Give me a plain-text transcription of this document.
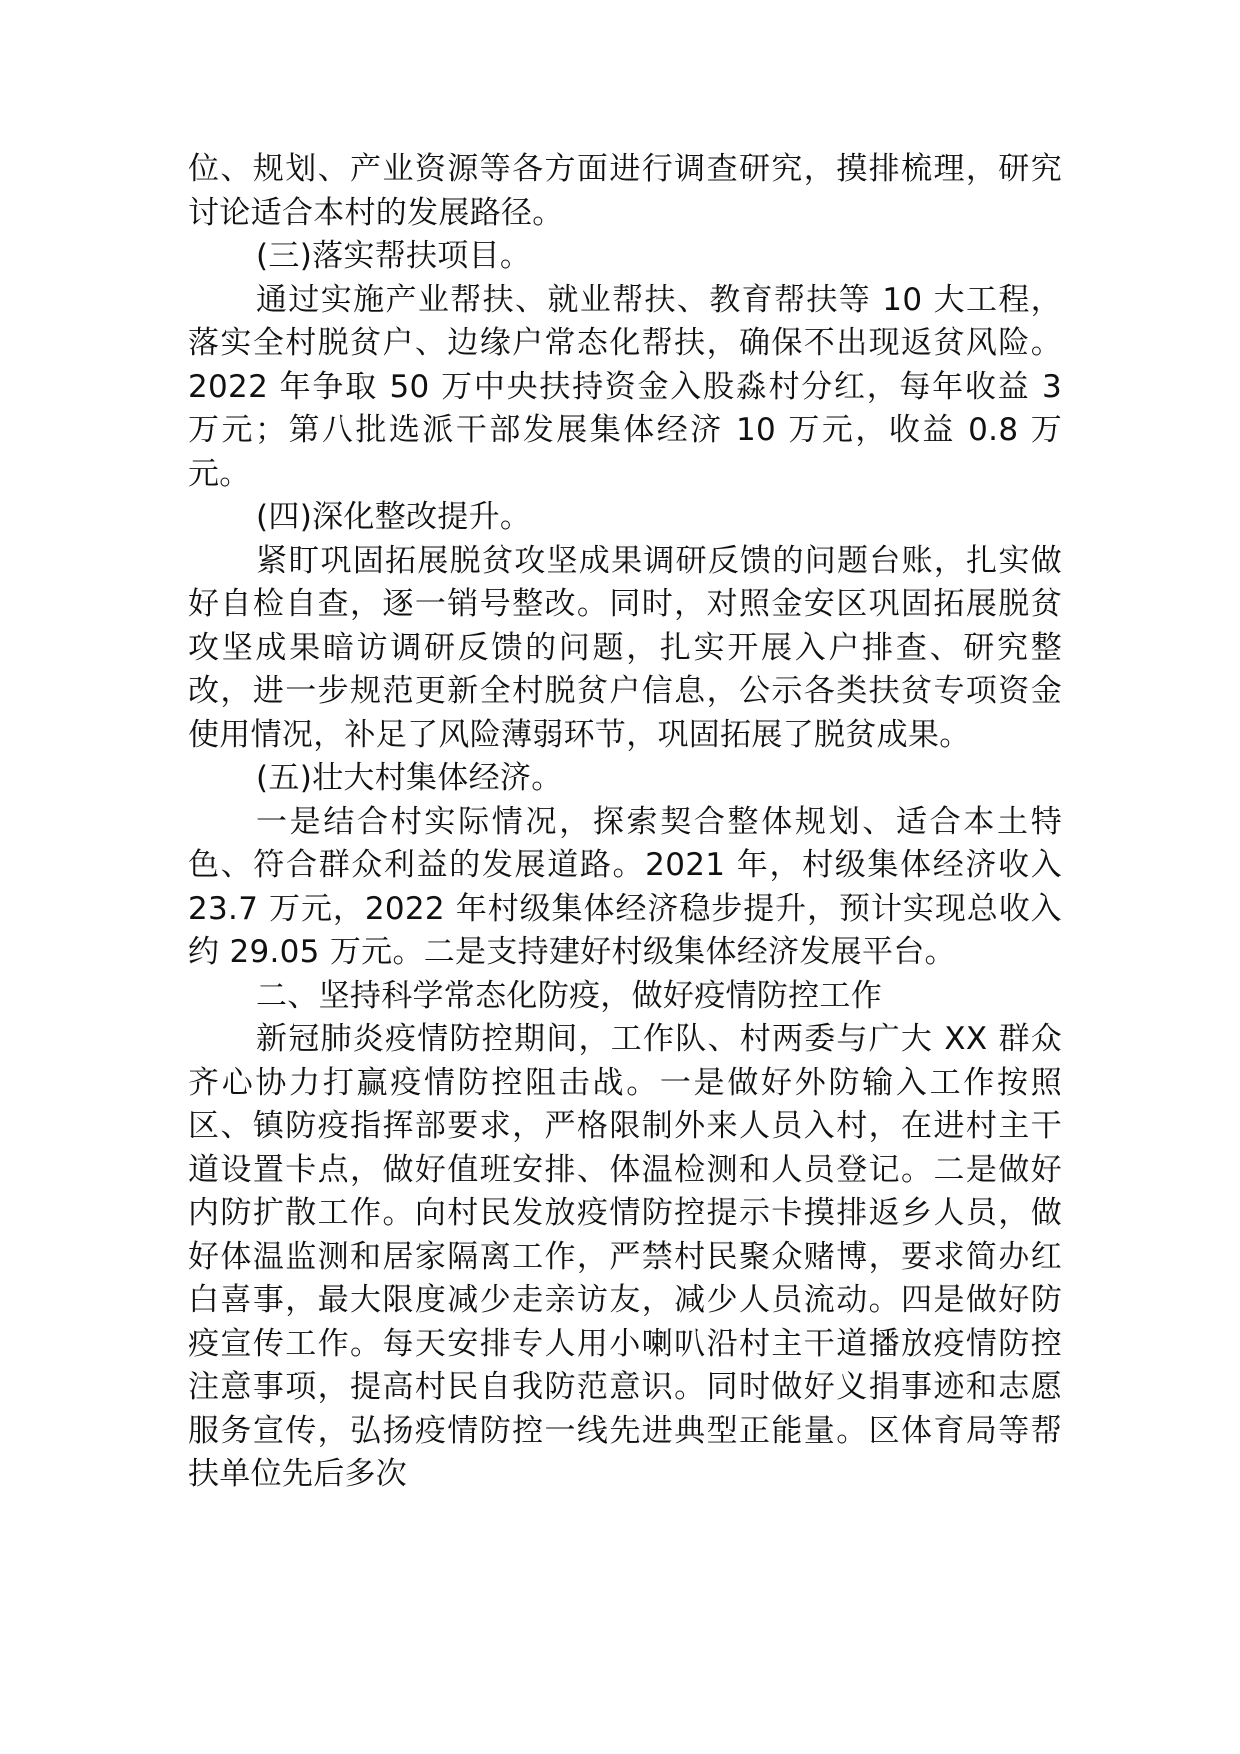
位、规划、产业资源等各方面进行调查研究，摸排梳理，研究讨论适合本村的发展路径。

(三)落实帮扶项目。

通过实施产业帮扶、就业帮扶、教育帮扶等 10 大工程，落实全村脱贫户、边缘户常态化帮扶，确保不出现返贫风险。2022 年争取 50 万中央扶持资金入股淼村分红，每年收益 3 万元；第八批选派干部发展集体经济 10 万元，收益 0.8 万元。

(四)深化整改提升。

紧盯巩固拓展脱贫攻坚成果调研反馈的问题台账，扎实做好自检自查，逐一销号整改。同时，对照金安区巩固拓展脱贫攻坚成果暗访调研反馈的问题，扎实开展入户排查、研究整改，进一步规范更新全村脱贫户信息，公示各类扶贫专项资金使用情况，补足了风险薄弱环节，巩固拓展了脱贫成果。

(五)壮大村集体经济。

一是结合村实际情况，探索契合整体规划、适合本土特色、符合群众利益的发展道路。2021 年，村级集体经济收入 23.7 万元，2022 年村级集体经济稳步提升，预计实现总收入约 29.05 万元。二是支持建好村级集体经济发展平台。

二、坚持科学常态化防疫，做好疫情防控工作

新冠肺炎疫情防控期间，工作队、村两委与广大 XX 群众齐心协力打赢疫情防控阻击战。一是做好外防输入工作按照区、镇防疫指挥部要求，严格限制外来人员入村，在进村主干道设置卡点，做好值班安排、体温检测和人员登记。二是做好内防扩散工作。向村民发放疫情防控提示卡摸排返乡人员，做好体温监测和居家隔离工作，严禁村民聚众赌博，要求简办红白喜事，最大限度减少走亲访友，减少人员流动。四是做好防疫宣传工作。每天安排专人用小喇叭沿村主干道播放疫情防控注意事项，提高村民自我防范意识。同时做好义捐事迹和志愿服务宣传，弘扬疫情防控一线先进典型正能量。区体育局等帮扶单位先后多次
